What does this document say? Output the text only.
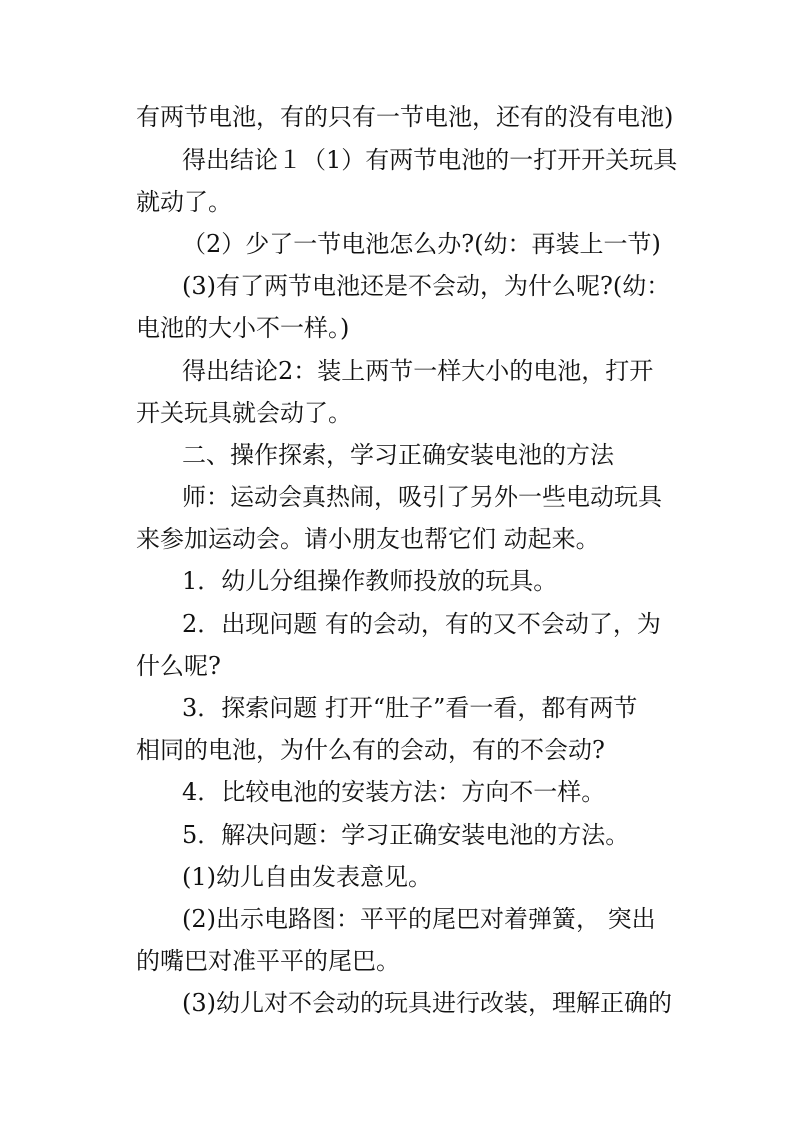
有两节电池，有的只有一节电池，还有的没有电池)
得出结论１（1）有两节电池的一打开开关玩具
就动了。
（2）少了一节电池怎么办?(幼：再装上一节)
(3)有了两节电池还是不会动，为什么呢?(幼：
电池的大小不一样。)
得出结论2：装上两节一样大小的电池，打开
开关玩具就会动了。
二、操作探索，学习正确安装电池的方法
师：运动会真热闹，吸引了另外一些电动玩具
来参加运动会。请小朋友也帮它们 动起来。
1．幼儿分组操作教师投放的玩具。
2．出现问题 有的会动，有的又不会动了，为
什么呢?
3．探索问题 打开“肚子”看一看，都有两节
相同的电池，为什么有的会动，有的不会动?
4．比较电池的安装方法：方向不一样。
5．解决问题：学习正确安装电池的方法。
(1)幼儿自由发表意见。
(2)出示电路图：平平的尾巴对着弹簧， 突出
的嘴巴对准平平的尾巴。
(3)幼儿对不会动的玩具进行改装，理解正确的
